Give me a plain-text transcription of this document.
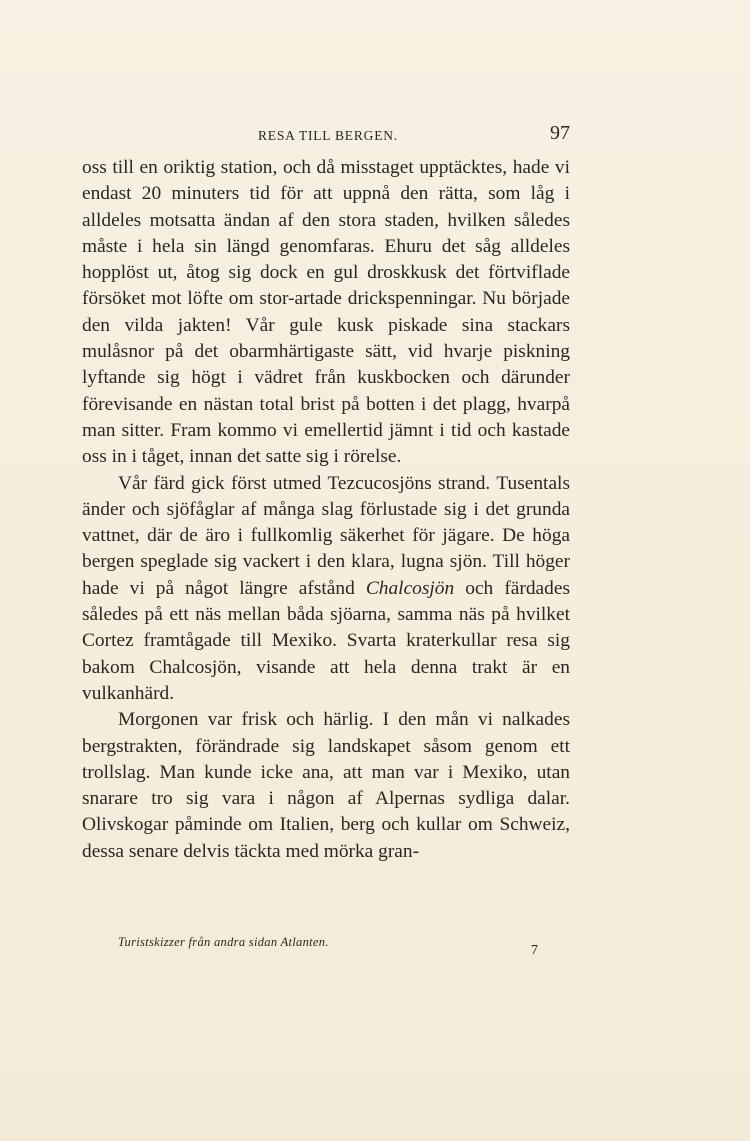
RESA TILL BERGEN.	97

oss till en oriktig station, och då misstaget upptäcktes, hade vi endast 20 minuters tid för att uppnå den rätta, som låg i alldeles motsatta ändan af den stora staden, hvilken således måste i hela sin längd genomfaras. Ehuru det såg alldeles hopplöst ut, åtog sig dock en gul droskkusk det förtviflade försöket mot löfte om stor-artade drickspenningar. Nu började den vilda jakten! Vår gule kusk piskade sina stackars mulåsnor på det obarmhärtigaste sätt, vid hvarje piskning lyftande sig högt i vädret från kuskbocken och därunder förevisande en nästan total brist på botten i det plagg, hvarpå man sitter. Fram kommo vi emellertid jämnt i tid och kastade oss in i tåget, innan det satte sig i rörelse.

Vår färd gick först utmed Tezcucosjöns strand. Tusentals änder och sjöfåglar af många slag förlustade sig i det grunda vattnet, där de äro i fullkomlig säkerhet för jägare. De höga bergen speglade sig vackert i den klara, lugna sjön. Till höger hade vi på något längre afstånd Chalcosjön och färdades således på ett näs mellan båda sjöarna, samma näs på hvilket Cortez framtågade till Mexiko. Svarta kraterkullar resa sig bakom Chalcosjön, visande att hela denna trakt är en vulkanhärd.

Morgonen var frisk och härlig. I den mån vi nalkades bergstrakten, förändrade sig landskapet såsom genom ett trollslag. Man kunde icke ana, att man var i Mexiko, utan snarare tro sig vara i någon af Alpernas sydliga dalar. Olivskogar påminde om Italien, berg och kullar om Schweiz, dessa senare delvis täckta med mörka gran-

Turistskizzer från andra sidan Atlanten.
7
